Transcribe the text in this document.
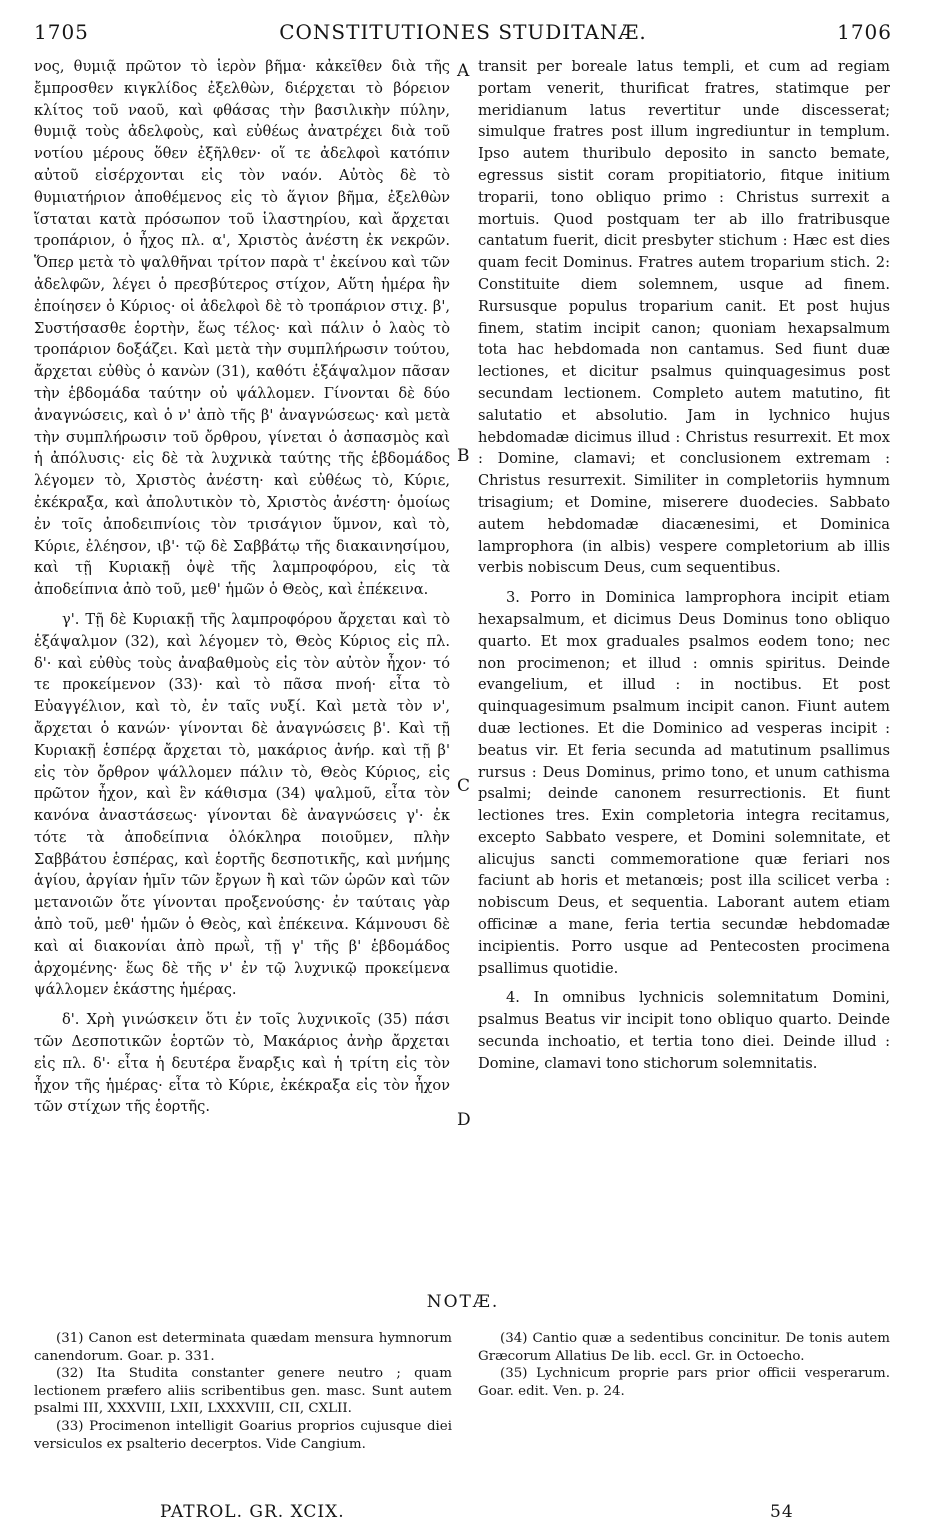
1705	CONSTITUTIONES STUDITANÆ.	1706
A
B
C
D

νος, θυμιᾷ πρῶτον τὸ ἱερὸν βῆμα· κἀκεῖθεν διὰ τῆς ἔμπροσθεν κιγκλίδος ἐξελθὼν, διέρχεται τὸ βόρειον κλίτος τοῦ ναοῦ, καὶ φθάσας τὴν βασιλικὴν πύλην, θυμιᾷ τοὺς ἀδελφοὺς, καὶ εὐθέως ἀνατρέχει διὰ τοῦ νοτίου μέρους ὅθεν ἐξῆλθεν· οἵ τε ἀδελφοὶ κατόπιν αὐτοῦ εἰσέρχονται εἰς τὸν ναόν. Αὐτὸς δὲ τὸ θυμιατήριον ἀποθέμενος εἰς τὸ ἅγιον βῆμα, ἐξελθὼν ἵσταται κατὰ πρόσωπον τοῦ ἱλαστηρίου, καὶ ἄρχεται τροπάριον, ὁ ἦχος πλ. α', Χριστὸς ἀνέστη ἐκ νεκρῶν. Ὅπερ μετὰ τὸ ψαλθῆναι τρίτον παρὰ τ' ἐκείνου καὶ τῶν ἀδελφῶν, λέγει ὁ πρεσβύτερος στίχον, Αὕτη ἡμέρα ἣν ἐποίησεν ὁ Κύριος· οἱ ἀδελφοὶ δὲ τὸ τροπάριον στιχ. β', Συστήσασθε ἑορτὴν, ἕως τέλος· καὶ πάλιν ὁ λαὸς τὸ τροπάριον δοξάζει. Καὶ μετὰ τὴν συμπλήρωσιν τούτου, ἄρχεται εὐθὺς ὁ κανὼν (31), καθότι ἑξάψαλμον πᾶσαν τὴν ἑβδομάδα ταύτην οὐ ψάλλομεν. Γίνονται δὲ δύο ἀναγνώσεις, καὶ ὁ ν' ἀπὸ τῆς β' ἀναγνώσεως· καὶ μετὰ τὴν συμπλήρωσιν τοῦ ὄρθρου, γίνεται ὁ ἀσπασμὸς καὶ ἡ ἀπόλυσις· εἰς δὲ τὰ λυχνικὰ ταύτης τῆς ἑβδομάδος λέγομεν τὸ, Χριστὸς ἀνέστη· καὶ εὐθέως τὸ, Κύριε, ἐκέκραξα, καὶ ἀπολυτικὸν τὸ, Χριστὸς ἀνέστη· ὁμοίως ἐν τοῖς ἀποδειπνίοις τὸν τρισάγιον ὕμνον, καὶ τὸ, Κύριε, ἐλέησον, ιβ'· τῷ δὲ Σαββάτῳ τῆς διακαινησίμου, καὶ τῇ Κυριακῇ ὀψὲ τῆς λαμπροφόρου, εἰς τὰ ἀποδείπνια ἀπὸ τοῦ, μεθ' ἡμῶν ὁ Θεὸς, καὶ ἐπέκεινα.

γ'. Τῇ δὲ Κυριακῇ τῆς λαμπροφόρου ἄρχεται καὶ τὸ ἑξάψαλμον (32), καὶ λέγομεν τὸ, Θεὸς Κύριος εἰς πλ. δ'· καὶ εὐθὺς τοὺς ἀναβαθμοὺς εἰς τὸν αὐτὸν ἦχον· τό τε προκείμενον (33)· καὶ τὸ πᾶσα πνοή· εἶτα τὸ Εὐαγγέλιον, καὶ τὸ, ἐν ταῖς νυξί. Καὶ μετὰ τὸν ν', ἄρχεται ὁ κανών· γίνονται δὲ ἀναγνώσεις β'. Καὶ τῇ Κυριακῇ ἑσπέρᾳ ἄρχεται τὸ, μακάριος ἀνήρ. καὶ τῇ β' εἰς τὸν ὄρθρον ψάλλομεν πάλιν τὸ, Θεὸς Κύριος, εἰς πρῶτον ἦχον, καὶ ἓν κάθισμα (34) ψαλμοῦ, εἶτα τὸν κανόνα ἀναστάσεως· γίνονται δὲ ἀναγνώσεις γ'· ἐκ τότε τὰ ἀποδείπνια ὁλόκληρα ποιοῦμεν, πλὴν Σαββάτου ἑσπέρας, καὶ ἑορτῆς δεσποτικῆς, καὶ μνήμης ἁγίου, ἀργίαν ἡμῖν τῶν ἔργων ἢ καὶ τῶν ὡρῶν καὶ τῶν μετανοιῶν ὅτε γίνονται προξενούσης· ἐν ταύταις γὰρ ἀπὸ τοῦ, μεθ' ἡμῶν ὁ Θεὸς, καὶ ἐπέκεινα. Κάμνουσι δὲ καὶ αἱ διακονίαι ἀπὸ πρωῒ, τῇ γ' τῆς β' ἑβδομάδος ἀρχομένης· ἕως δὲ τῆς ν' ἐν τῷ λυχνικῷ προκείμενα ψάλλομεν ἑκάστης ἡμέρας.

δ'. Χρὴ γινώσκειν ὅτι ἐν τοῖς λυχνικοῖς (35) πάσι τῶν Δεσποτικῶν ἑορτῶν τὸ, Μακάριος ἀνὴρ ἄρχεται εἰς πλ. δ'· εἶτα ἡ δευτέρα ἔναρξις καὶ ἡ τρίτη εἰς τὸν ἦχον τῆς ἡμέρας· εἶτα τὸ Κύριε, ἐκέκραξα εἰς τὸν ἦχον τῶν στίχων τῆς ἑορτῆς.

transit per boreale latus templi, et cum ad regiam portam venerit, thurificat fratres, statimque per meridianum latus revertitur unde discesserat; simulque fratres post illum ingrediuntur in templum. Ipso autem thuribulo deposito in sancto bemate, egressus sistit coram propitiatorio, fitque initium troparii, tono obliquo primo : Christus surrexit a mortuis. Quod postquam ter ab illo fratribusque cantatum fuerit, dicit presbyter stichum : Hæc est dies quam fecit Dominus. Fratres autem troparium stich. 2: Constituite diem solemnem, usque ad finem. Rursusque populus troparium canit. Et post hujus finem, statim incipit canon; quoniam hexapsalmum tota hac hebdomada non cantamus. Sed fiunt duæ lectiones, et dicitur psalmus quinquagesimus post secundam lectionem. Completo autem matutino, fit salutatio et absolutio. Jam in lychnico hujus hebdomadæ dicimus illud : Christus resurrexit. Et mox : Domine, clamavi; et conclusionem extremam : Christus resurrexit. Similiter in completoriis hymnum trisagium; et Domine, miserere duodecies. Sabbato autem hebdomadæ diacænesimi, et Dominica lamprophora (in albis) vespere completorium ab illis verbis nobiscum Deus, cum sequentibus.

3. Porro in Dominica lamprophora incipit etiam hexapsalmum, et dicimus Deus Dominus tono obliquo quarto. Et mox graduales psalmos eodem tono; nec non procimenon; et illud : omnis spiritus. Deinde evangelium, et illud : in noctibus. Et post quinquagesimum psalmum incipit canon. Fiunt autem duæ lectiones. Et die Dominico ad vesperas incipit : beatus vir. Et feria secunda ad matutinum psallimus rursus : Deus Dominus, primo tono, et unum cathisma psalmi; deinde canonem resurrectionis. Et fiunt lectiones tres. Exin completoria integra recitamus, excepto Sabbato vespere, et Domini solemnitate, et alicujus sancti commemoratione quæ feriari nos faciunt ab horis et metanœis; post illa scilicet verba : nobiscum Deus, et sequentia. Laborant autem etiam officinæ a mane, feria tertia secundæ hebdomadæ incipientis. Porro usque ad Pentecosten procimena psallimus quotidie.

4. In omnibus lychnicis solemnitatum Domini, psalmus Beatus vir incipit tono obliquo quarto. Deinde secunda inchoatio, et tertia tono diei. Deinde illud : Domine, clamavi tono stichorum solemnitatis.

NOTÆ.

(31) Canon est determinata quædam mensura hymnorum canendorum. Goar. p. 331.

(32) Ita Studita constanter genere neutro ; quam lectionem præfero aliis scribentibus gen. masc. Sunt autem psalmi III, XXXVIII, LXII, LXXXVIII, CII, CXLII.

(33) Procimenon intelligit Goarius proprios cujusque diei versiculos ex psalterio decerptos. Vide Cangium.

(34) Cantio quæ a sedentibus concinitur. De tonis autem Græcorum Allatius De lib. eccl. Gr. in Octoecho.

(35) Lychnicum proprie pars prior officii vesperarum. Goar. edit. Ven. p. 24.

PATROL. GR. XCIX.	54
